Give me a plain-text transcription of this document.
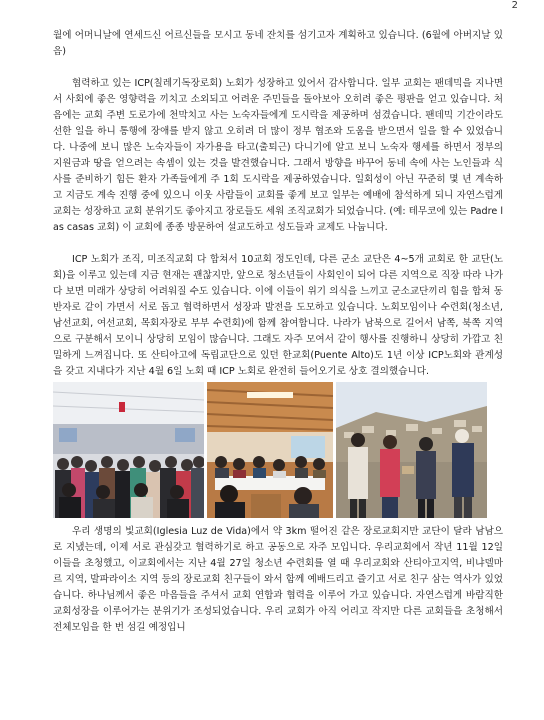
2

월에 어머니날에 연세드신 어르신들을 모시고 동네 잔치를 섬기고자 계획하고 있습니다. (6월에 아버지날 있음)

협력하고 있는 ICP(칠레기독장로회) 노회가 성장하고 있어서 감사합니다. 일부 교회는 팬데믹을 지나면서 사회에 좋은 영향력을 끼치고 소외되고 어려운 주민들을 돌아보아 오히려 좋은 평판을 얻고 있습니다. 처음에는 교회 주변 도로가에 천막치고 사는 노숙자들에게 도시락을 제공하며 섬겼습니다. 팬데믹 기간이라도 선한 일을 하니 통행에 장애를 받지 않고 오히려 더 많이 정부 협조와 도움을 받으면서 일을 할 수 있었습니다. 나중에 보니 많은 노숙자들이 자가용을 타고(출퇴근) 다니기에 알고 보니 노숙자 행세를 하면서 정부의 지원금과 땅을 얻으려는 속셈이 있는 것을 발견했습니다. 그래서 방향을 바꾸어 동네 속에 사는 노인들과 식사를 준비하기 힘든 환자 가족들에게 주 1회 도시락을 제공하였습니다. 일회성이 아닌 꾸준히 몇 년 계속하고 지금도 계속 진행 중에 있으니 이웃 사람들이 교회를 좋게 보고 일부는 예배에 참석하게 되니 자연스럽게 교회는 성장하고 교회 분위기도 좋아지고 장로들도 세워 조직교회가 되었습니다. (예: 테무코에 있는 Padre las casas 교회) 이 교회에 종종 방문하여 설교도하고 성도들과 교제도 나눕니다.

ICP 노회가 조직, 미조직교회 다 합쳐서 10교회 정도인데, 다른 군소 교단은 4~5개 교회로 한 교단(노회)을 이루고 있는데 지금 현재는 괜찮지만, 앞으로 청소년들이 사회인이 되어 다른 지역으로 직장 따라 나가다 보면 미래가 상당히 어려워질 수도 있습니다. 이에 이들이 위기 의식을 느끼고 군소교단끼리 힘을 합쳐 동반자로 같이 가면서 서로 돕고 협력하면서 성장과 발전을 도모하고 있습니다. 노회모임이나 수련회(청소년, 남선교회, 여선교회, 목회자장로 부부 수련회)에 함께 참여합니다. 나라가 남북으로 길어서 남쪽, 북쪽 지역으로 구분해서 모이니 상당히 모임이 많습니다. 그래도 자주 모여서 같이 행사를 진행하니 상당히 가깝고 친밀하게 느껴집니다. 또 산티아고에 독립교단으로 있던 한교회(Puente Alto)도 1년 이상 ICP노회와 관계성을 갖고 지내다가 지난 4월 6일 노회 때 ICP 노회로 완전히 들어오기로 상호 결의했습니다.

우리 생명의 빛교회(Iglesia Luz de Vida)에서 약 3km 떨어진 같은 장로교회지만 교단이 달라 남남으로 지냈는데, 이제 서로 관심갖고 협력하기로 하고 공동으로 자주 모입니다. 우리교회에서 작년 11월 12일 이들을 초청했고, 이교회에서는 지난 4월 27일 청소년 수련회를 열 때 우리교회와 산티아고지역, 비냐델마르 지역, 발파라이소 지역 등의 장로교회 친구들이 와서 함께 예배드리고 즐기고 서로 친구 삼는 역사가 있었습니다. 하나님께서 좋은 마음들을 주셔서 교회 연합과 협력을 이루어 가고 있습니다. 자연스럽게 바람직한 교회성장을 이루어가는 분위기가 조성되었습니다. 우리 교회가 아직 어리고 작지만 다른 교회들을 초청해서 전체모임을 한 번 섬길 예정입니
